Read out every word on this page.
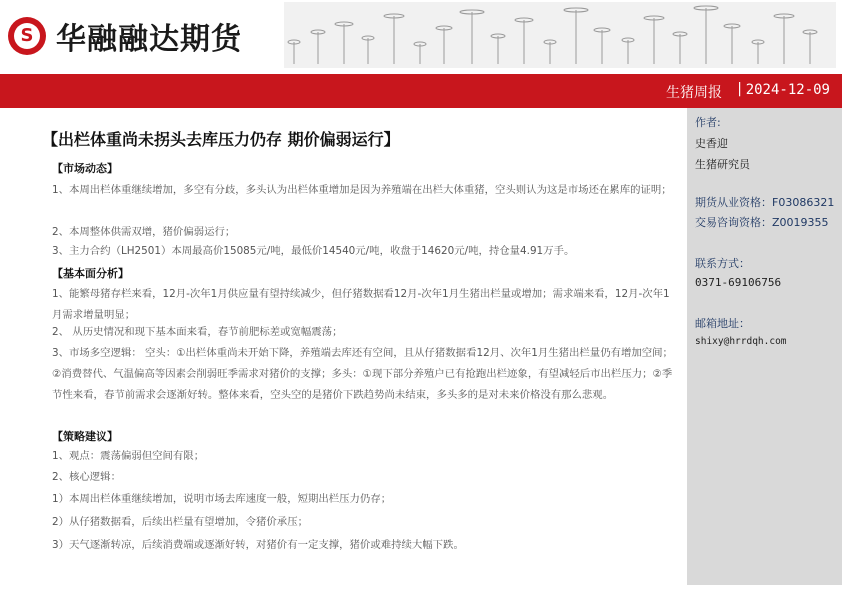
S 华融融达期货
生猪周报 | 2024-12-09
【出栏体重尚未拐头去库压力仍存 期价偏弱运行】
【市场动态】
1、本周出栏体重继续增加，多空有分歧，多头认为出栏体重增加是因为养殖端在出栏大体重猪，空头则认为这是市场还在累库的证明；
2、本周整体供需双增，猪价偏弱运行；
3、主力合约（LH2501）本周最高价15085元/吨，最低价14540元/吨，收盘于14620元/吨，持仓量4.91万手。
【基本面分析】
1、能繁母猪存栏来看，12月-次年1月供应量有望持续减少，但仔猪数据看12月-次年1月生猪出栏量或增加；需求端来看，12月-次年1月需求增量明显；
2、 从历史情况和现下基本面来看，春节前肥标差或宽幅震荡；
3、市场多空逻辑： 空头：①出栏体重尚未开始下降，养殖端去库还有空间，且从仔猪数据看12月、次年1月生猪出栏量仍有增加空间；②消费替代、气温偏高等因素会削弱旺季需求对猪价的支撑；多头：①现下部分养殖户已有抢跑出栏迹象，有望减轻后市出栏压力；②季节性来看，春节前需求会逐渐好转。整体来看，空头空的是猪价下跌趋势尚未结束，多头多的是对未来价格没有那么悲观。
【策略建议】
1、观点：震荡偏弱但空间有限；
2、核心逻辑：
1）本周出栏体重继续增加，说明市场去库速度一般，短期出栏压力仍存；
2）从仔猪数据看，后续出栏量有望增加，令猪价承压；
3）天气逐渐转凉，后续消费端或逐渐好转，对猪价有一定支撑，猪价或难持续大幅下跌。
作者:
史香迎
生猪研究员
期货从业资格：F03086321
交易咨询资格：Z0019355
联系方式：
0371-69106756
邮箱地址：
shixy@hrrdqh.com
